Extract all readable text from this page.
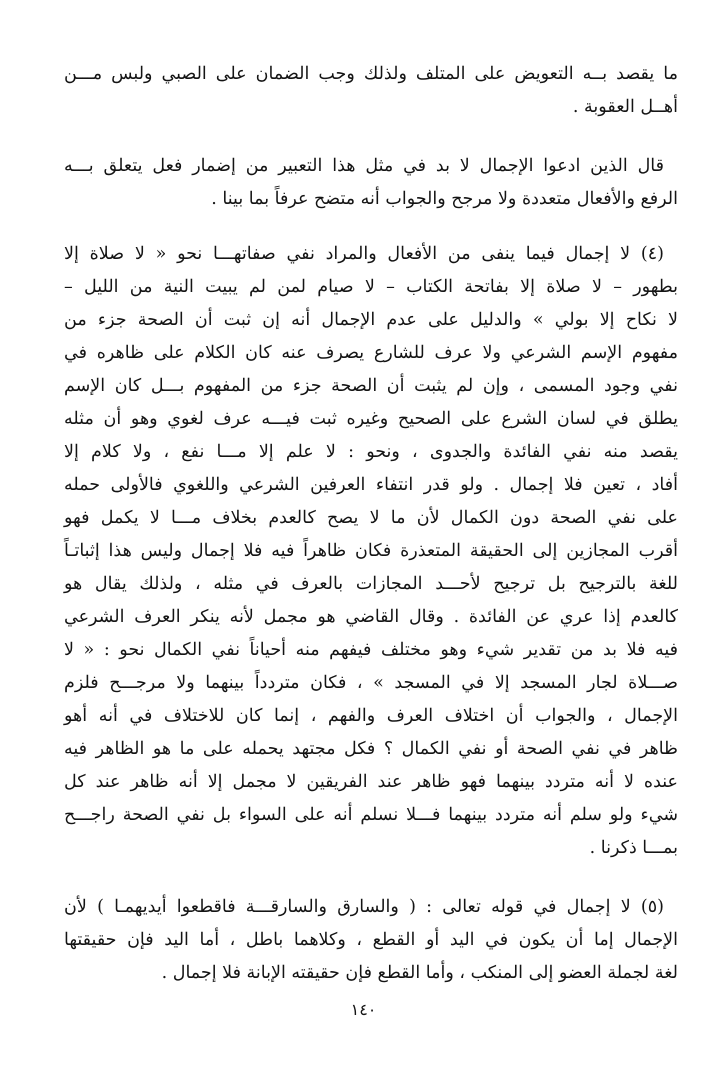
ما يقصد بــه التعويض على المتلف ولذلك وجب الضمان على الصبي ولبس مـــن
أهــل العقوبة .
قال الذين ادعوا الإجمال لا بد في مثل هذا التعبير من إضمار فعل يتعلق بـــه
الرفع والأفعال متعددة ولا مرجح والجواب أنه متضح عرفاً بما بينا .
(٤) لا إجمال فيما ينفى من الأفعال والمراد نفي صفاتهـــا نحو « لا صلاة إلا
بطهور – لا صلاة إلا بفاتحة الكتاب – لا صيام لمن لم يبيت النية من الليل –
لا نكاح إلا بولي » والدليل على عدم الإجمال أنه إن ثبت أن الصحة جزء من
مفهوم الإسم الشرعي ولا عرف للشارع يصرف عنه كان الكلام على ظاهره في
نفي وجود المسمى ، وإن لم يثبت أن الصحة جزء من المفهوم بـــل كان الإسم
يطلق في لسان الشرع على الصحيح وغيره ثبت فيـــه عرف لغوي وهو أن مثله
يقصد منه نفي الفائدة والجدوى ، ونحو : لا علم إلا مـــا نفع ، ولا كلام إلا
أفاد ، تعين فلا إجمال . ولو قدر انتفاء العرفين الشرعي واللغوي فالأولى حمله
على نفي الصحة دون الكمال لأن ما لا يصح كالعدم بخلاف مـــا لا يكمل فهو
أقرب المجازين إلى الحقيقة المتعذرة فكان ظاهراً فيه فلا إجمال وليس هذا إثباتـاً
للغة بالترجيح بل ترجيح لأحـــد المجازات بالعرف في مثله ، ولذلك يقال هو
كالعدم إذا عري عن الفائدة . وقال القاضي هو مجمل لأنه ينكر العرف الشرعي
فيه فلا بد من تقدير شيء وهو مختلف فيفهم منه أحياناً نفي الكمال نحو : « لا
صـــلاة لجار المسجد إلا في المسجد » ، فكان متردداً بينهما ولا مرجـــح فلزم
الإجمال ، والجواب أن اختلاف العرف والفهم ، إنما كان للاختلاف في أنه أهو
ظاهر في نفي الصحة أو نفي الكمال ؟ فكل مجتهد يحمله على ما هو الظاهر فيه
عنده لا أنه متردد بينهما فهو ظاهر عند الفريقين لا مجمل إلا أنه ظاهر عند كل
شيء ولو سلم أنه متردد بينهما فـــلا نسلم أنه على السواء بل نفي الصحة راجـــح
بمـــا ذكرنا .
(٥) لا إجمال في قوله تعالى : ( والسارق والسارقـــة فاقطعوا أيديهمـا ) لأن
الإجمال إما أن يكون في اليد أو القطع ، وكلاهما باطل ، أما اليد فإن حقيقتها
لغة لجملة العضو إلى المنكب ، وأما القطع فإن حقيقته الإبانة فلا إجمال .
١٤٠
